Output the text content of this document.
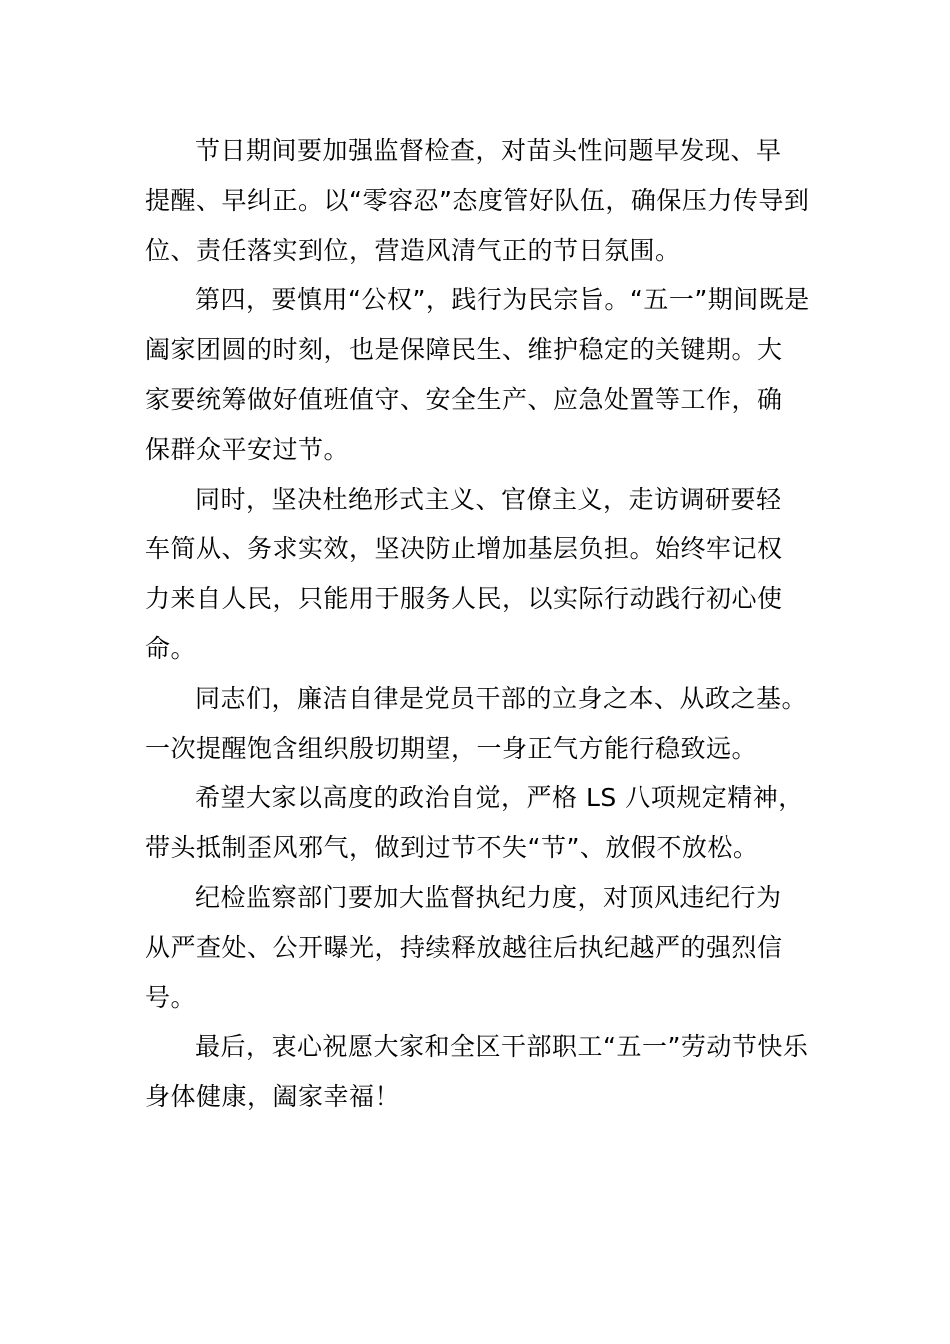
节日期间要加强监督检查，对苗头性问题早发现、早
提醒、早纠正。以“零容忍”态度管好队伍，确保压力传导到
位、责任落实到位，营造风清气正的节日氛围。

第四，要慎用“公权”，践行为民宗旨。“五一”期间既是
阖家团圆的时刻，也是保障民生、维护稳定的关键期。大
家要统筹做好值班值守、安全生产、应急处置等工作，确
保群众平安过节。

同时，坚决杜绝形式主义、官僚主义，走访调研要轻
车简从、务求实效，坚决防止增加基层负担。始终牢记权
力来自人民，只能用于服务人民，以实际行动践行初心使
命。

同志们，廉洁自律是党员干部的立身之本、从政之基。
一次提醒饱含组织殷切期望，一身正气方能行稳致远。

希望大家以高度的政治自觉，严格 LS 八项规定精神，
带头抵制歪风邪气，做到过节不失“节”、放假不放松。

纪检监察部门要加大监督执纪力度，对顶风违纪行为
从严查处、公开曝光，持续释放越往后执纪越严的强烈信
号。

最后，衷心祝愿大家和全区干部职工“五一”劳动节快乐
身体健康，阖家幸福！
